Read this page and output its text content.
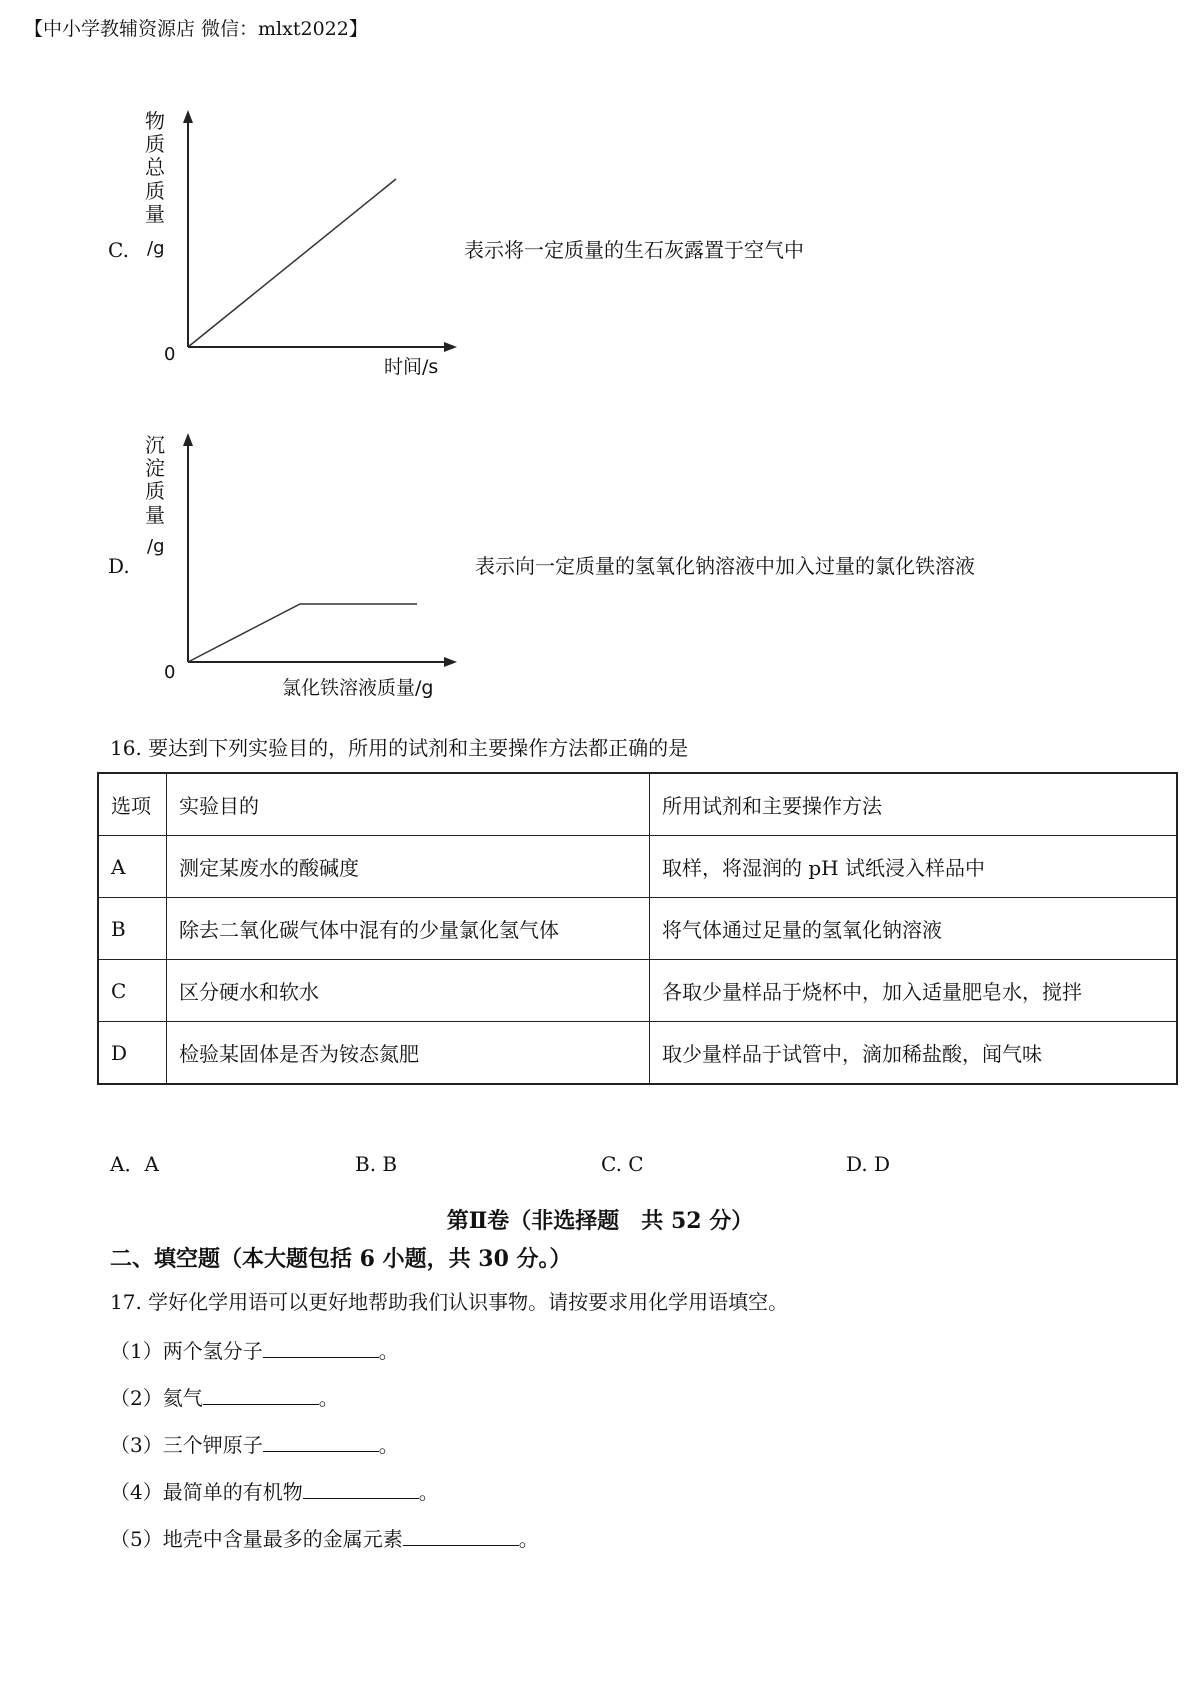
【中小学教辅资源店 微信：mlxt2022】
C.
物
质
总
质
量
/g
0
时间/s
表示将一定质量的生石灰露置于空气中
D.
沉
淀
质
量
/g
0
氯化铁溶液质量/g
表示向一定质量的氢氧化钠溶液中加入过量的氯化铁溶液
16. 要达到下列实验目的，所用的试剂和主要操作方法都正确的是
选项	实验目的	所用试剂和主要操作方法
A	测定某废水的酸碱度	取样，将湿润的 pH 试纸浸入样品中
B	除去二氧化碳气体中混有的少量氯化氢气体	将气体通过足量的氢氧化钠溶液
C	区分硬水和软水	各取少量样品于烧杯中，加入适量肥皂水，搅拌
D	检验某固体是否为铵态氮肥	取少量样品于试管中，滴加稀盐酸，闻气味
A．A	B. B	C. C	D. D
第Ⅱ卷（非选择题　共 52 分）
二、填空题（本大题包括 6 小题，共 30 分。）
17. 学好化学用语可以更好地帮助我们认识事物。请按要求用化学用语填空。
（1）两个氢分子	。
（2）氦气	。
（3）三个钾原子	。
（4）最简单的有机物	。
（5）地壳中含量最多的金属元素	。
